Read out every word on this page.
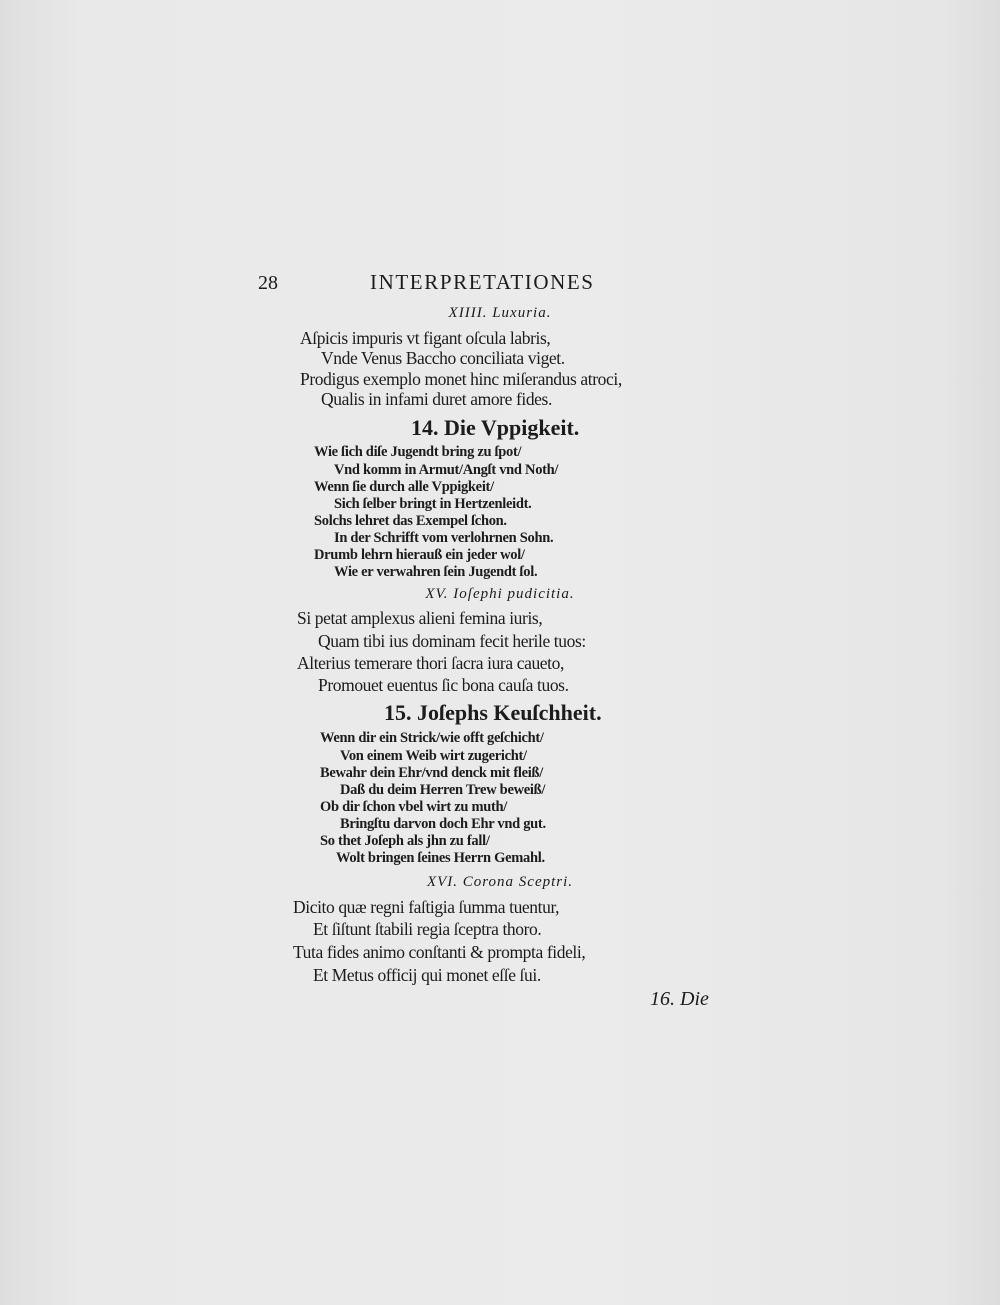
28	INTERPRETATIONES
XIIII. Luxuria.
Aſpicis impuris vt figant oſcula labris,
Vnde Venus Baccho conciliata viget.
Prodigus exemplo monet hinc miſerandus atroci,
Qualis in infami duret amore fides.
14. Die Vppigkeit.
Wie ſich diſe Jugendt bring zu ſpot/
Vnd komm in Armut/Angſt vnd Noth/
Wenn ſie durch alle Vppigkeit/
Sich ſelber bringt in Hertzenleidt.
Solchs lehret das Exempel ſchon.
In der Schrifft vom verlohrnen Sohn.
Drumb lehrn hierauß ein jeder wol/
Wie er verwahren ſein Jugendt ſol.
XV. Ioſephi pudicitia.
Si petat amplexus alieni femina iuris,
Quam tibi ius dominam fecit herile tuos:
Alterius temerare thori ſacra iura caueto,
Promouet euentus ſic bona cauſa tuos.
15. Joſephs Keuſchheit.
Wenn dir ein Strick/wie offt geſchicht/
Von einem Weib wirt zugericht/
Bewahr dein Ehr/vnd denck mit fleiß/
Daß du deim Herren Trew beweiß/
Ob dir ſchon vbel wirt zu muth/
Bringſtu darvon doch Ehr vnd gut.
So thet Joſeph als jhn zu fall/
Wolt bringen ſeines Herrn Gemahl.
XVI. Corona Sceptri.
Dicito quæ regni faſtigia ſumma tuentur,
Et ſiſtunt ſtabili regia ſceptra thoro.
Tuta fides animo conſtanti & prompta fideli,
Et Metus officij qui monet eſſe ſui.
16. Die
